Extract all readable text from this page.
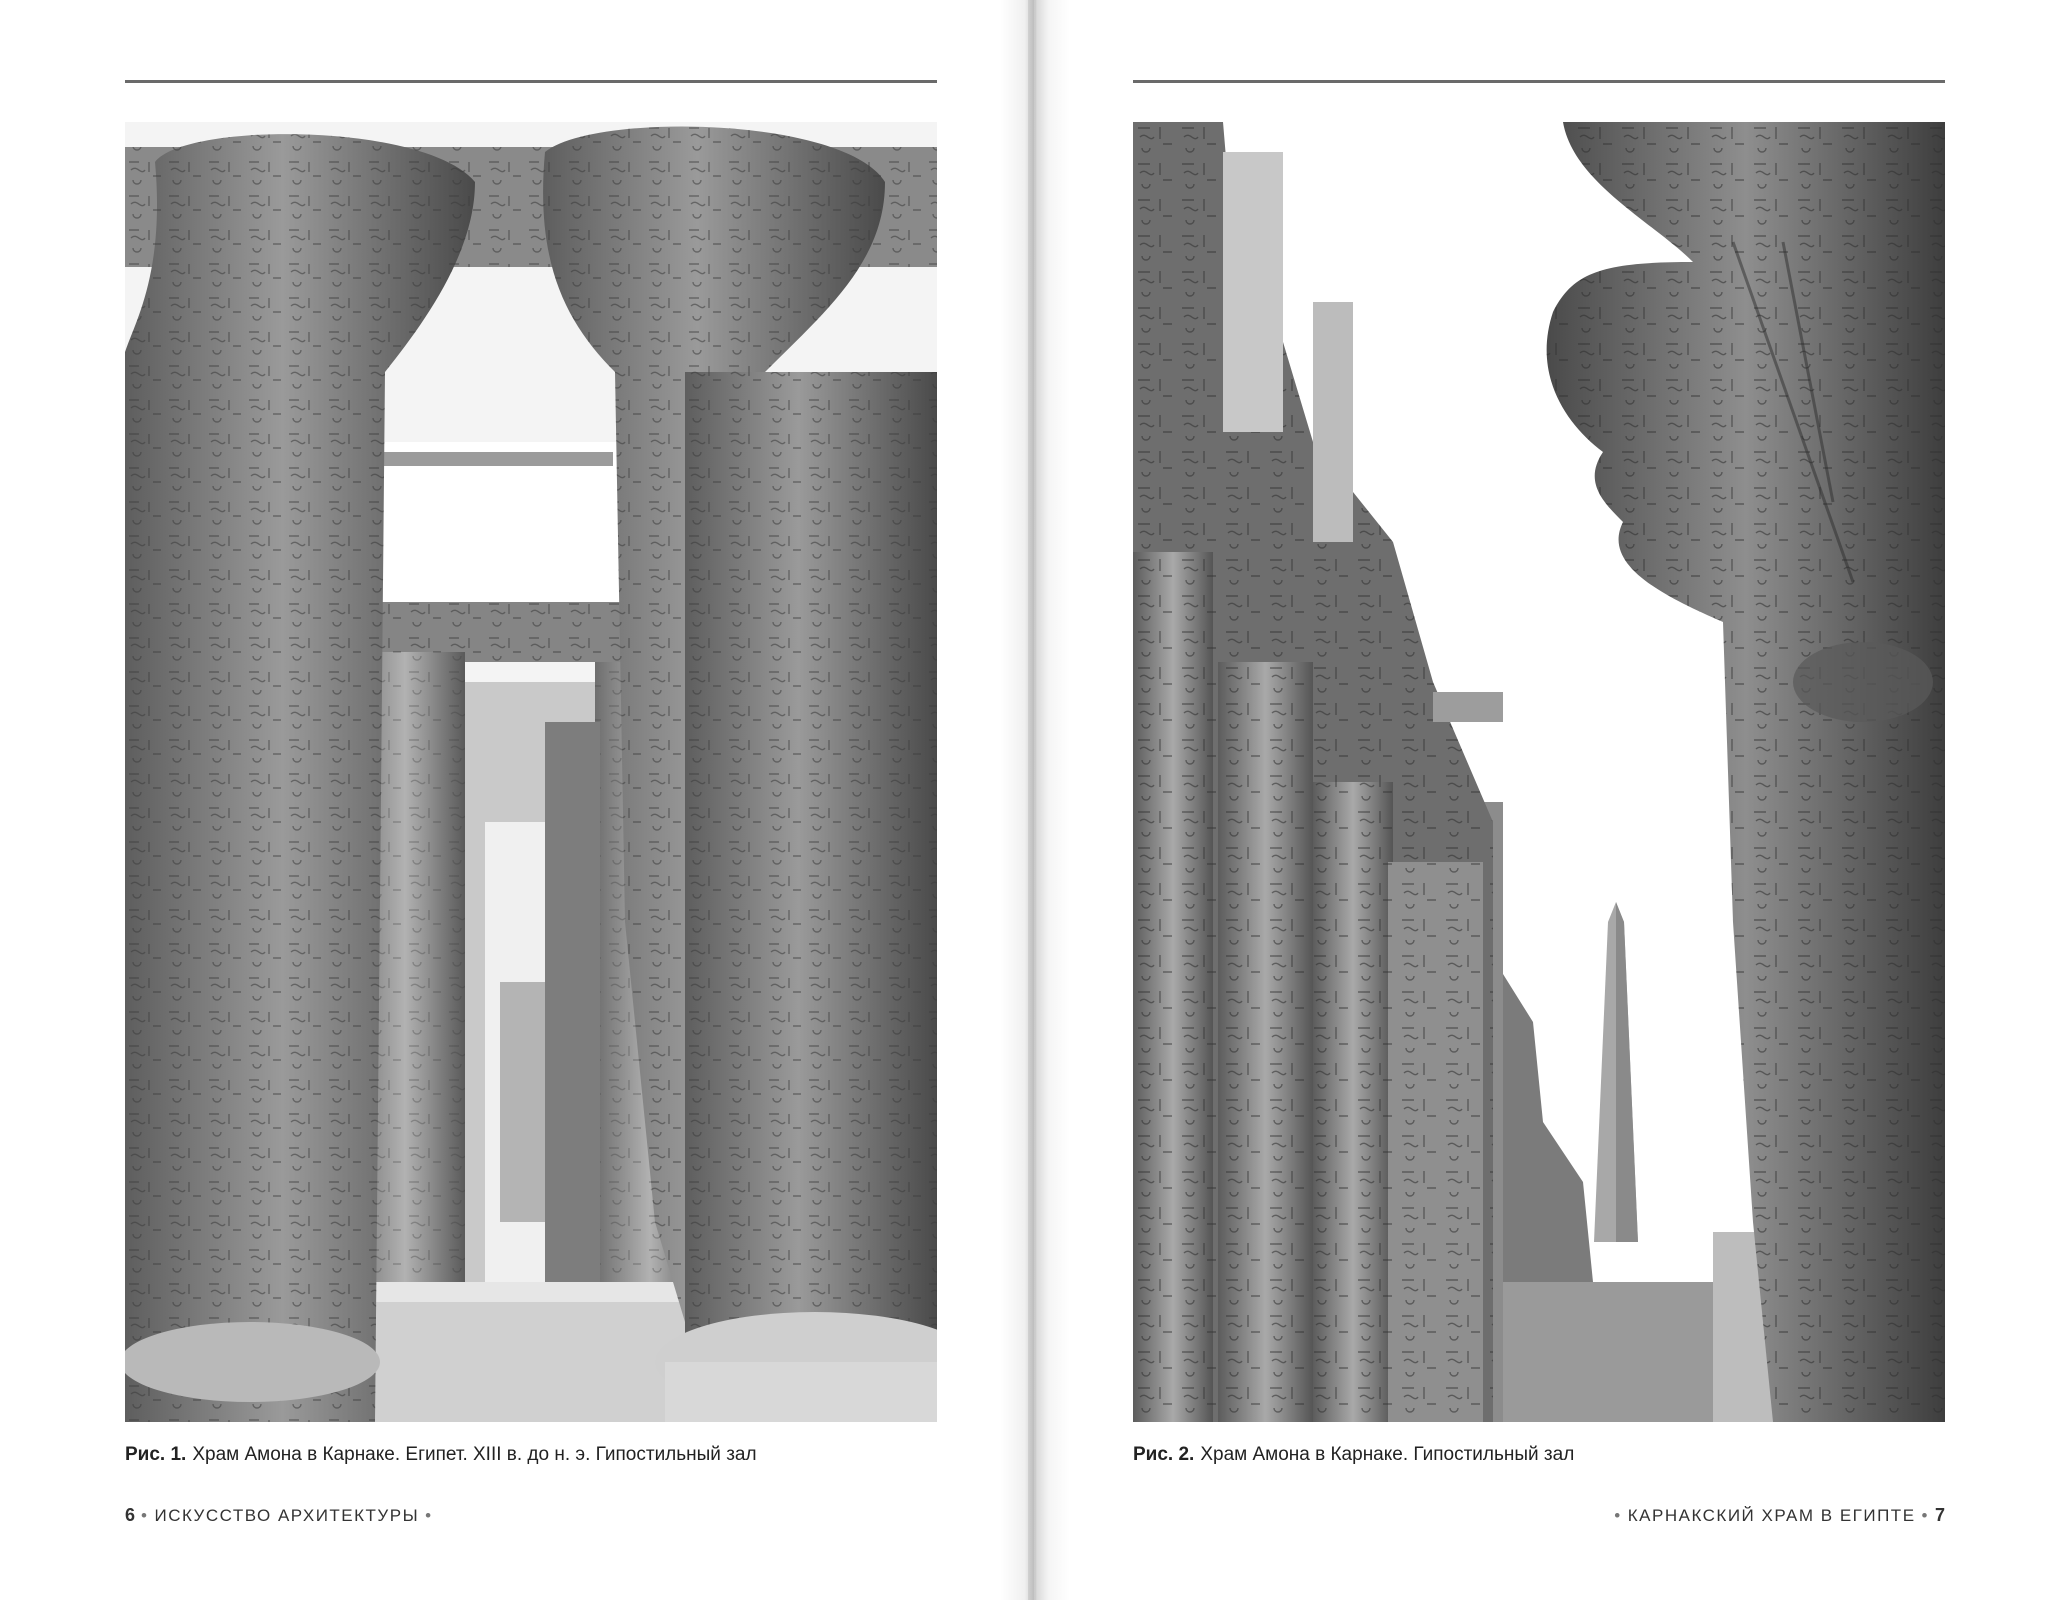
Рис. 1. Храм Амона в Карнаке. Египет. XIII в. до н. э. Гипостильный зал
6 • ИСКУССТВО АРХИТЕКТУРЫ •
Рис. 2. Храм Амона в Карнаке. Гипостильный зал
• КАРНАКСКИЙ ХРАМ В ЕГИПТЕ • 7
